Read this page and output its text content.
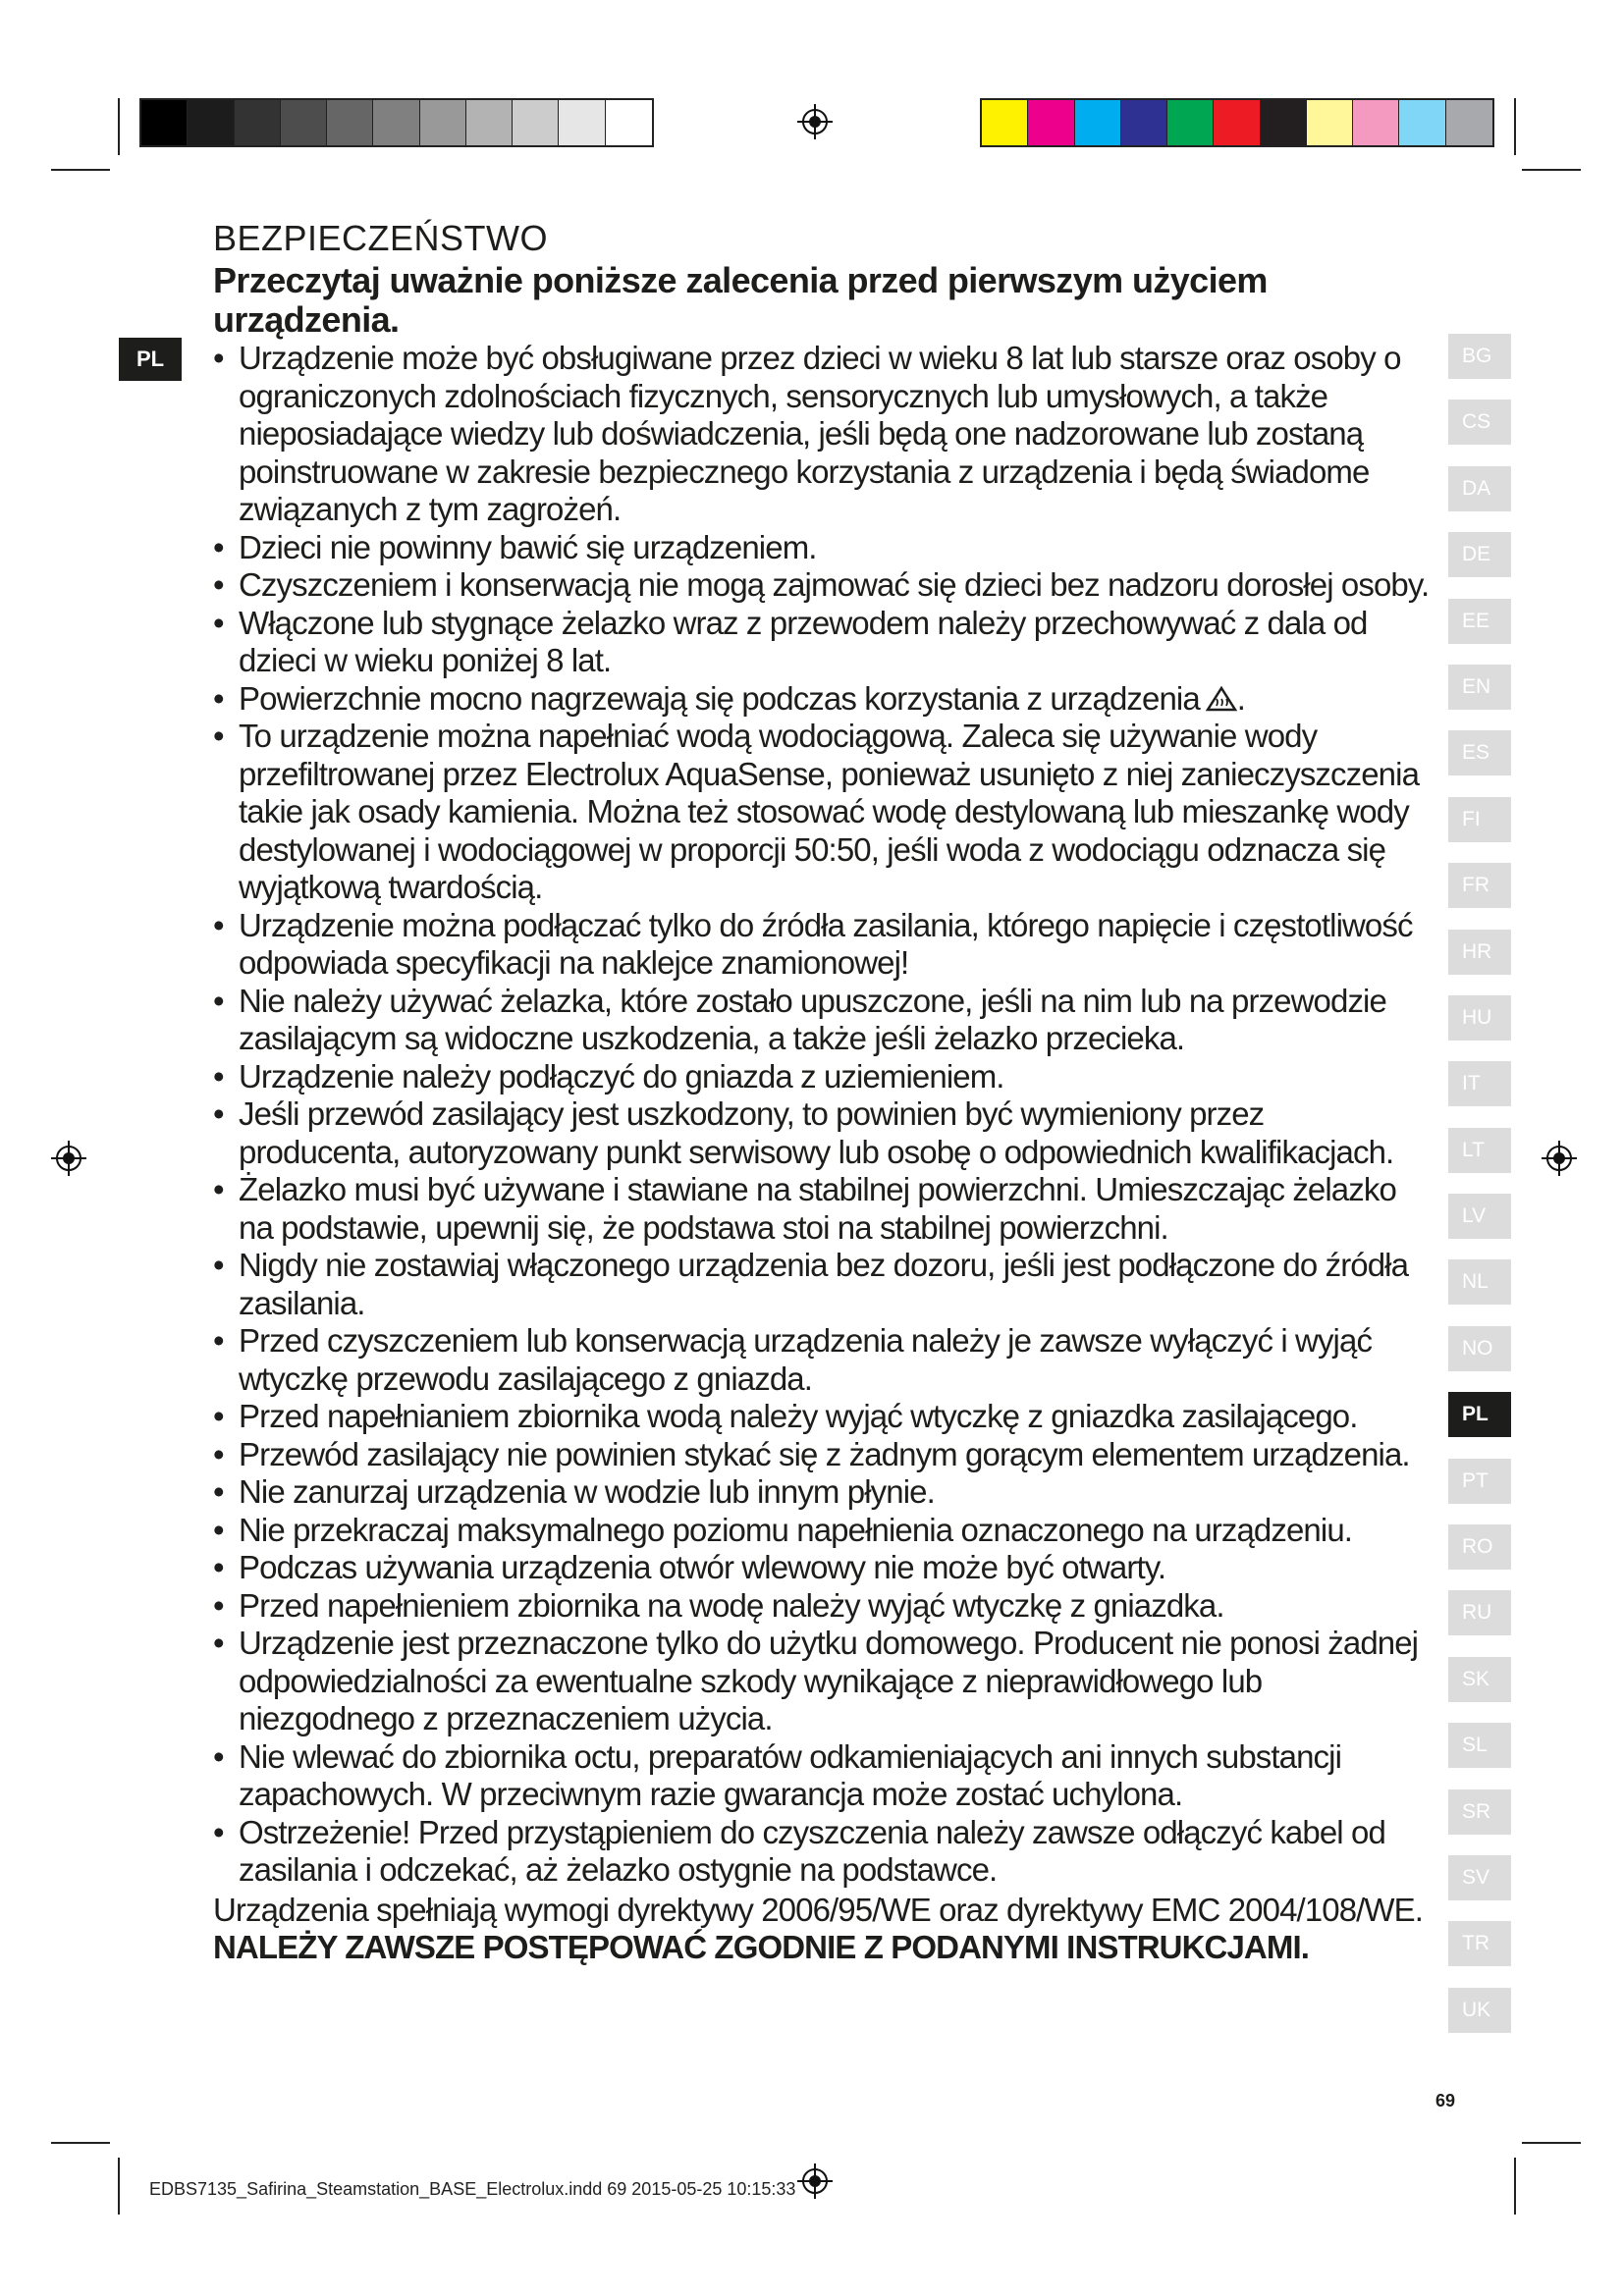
PL
BEZPIECZEŃSTWO

Przeczytaj uważnie poniższe zalecenia przed pierwszym użyciem urządzenia.

• Urządzenie może być obsługiwane przez dzieci w wieku 8 lat lub starsze oraz osoby o ograniczonych zdolnościach fizycznych, sensorycznych lub umysłowych, a także nieposiadające wiedzy lub doświadczenia, jeśli będą one nadzorowane lub zostaną poinstruowane w zakresie bezpiecznego korzystania z urządzenia i będą świadome związanych z tym zagrożeń.
• Dzieci nie powinny bawić się urządzeniem.
• Czyszczeniem i konserwacją nie mogą zajmować się dzieci bez nadzoru dorosłej osoby.
• Włączone lub stygnące żelazko wraz z przewodem należy przechowywać z dala od dzieci w wieku poniżej 8 lat.
• Powierzchnie mocno nagrzewają się podczas korzystania z urządzenia .
• To urządzenie można napełniać wodą wodociągową. Zaleca się używanie wody przefiltrowanej przez Electrolux AquaSense, ponieważ usunięto z niej zanieczyszczenia takie jak osady kamienia. Można też stosować wodę destylowaną lub mieszankę wody destylowanej i wodociągowej w proporcji 50:50, jeśli woda z wodociągu odznacza się wyjątkową twardością.
• Urządzenie można podłączać tylko do źródła zasilania, którego napięcie i częstotliwość odpowiada specyfikacji na naklejce znamionowej!
• Nie należy używać żelazka, które zostało upuszczone, jeśli na nim lub na przewodzie zasilającym są widoczne uszkodzenia, a także jeśli żelazko przecieka.
• Urządzenie należy podłączyć do gniazda z uziemieniem.
• Jeśli przewód zasilający jest uszkodzony, to powinien być wymieniony przez producenta, autoryzowany punkt serwisowy lub osobę o odpowiednich kwalifikacjach.
• Żelazko musi być używane i stawiane na stabilnej powierzchni. Umieszczając żelazko na podstawie, upewnij się, że podstawa stoi na stabilnej powierzchni.
• Nigdy nie zostawiaj włączonego urządzenia bez dozoru, jeśli jest podłączone do źródła zasilania.
• Przed czyszczeniem lub konserwacją urządzenia należy je zawsze wyłączyć i wyjąć wtyczkę przewodu zasilającego z gniazda.
• Przed napełnianiem zbiornika wodą należy wyjąć wtyczkę z gniazdka zasilającego.
• Przewód zasilający nie powinien stykać się z żadnym gorącym elementem urządzenia.
• Nie zanurzaj urządzenia w wodzie lub innym płynie.
• Nie przekraczaj maksymalnego poziomu napełnienia oznaczonego na urządzeniu.
• Podczas używania urządzenia otwór wlewowy nie może być otwarty.
• Przed napełnieniem zbiornika na wodę należy wyjąć wtyczkę z gniazdka.
• Urządzenie jest przeznaczone tylko do użytku domowego. Producent nie ponosi żadnej odpowiedzialności za ewentualne szkody wynikające z nieprawidłowego lub niezgodnego z przeznaczeniem użycia.
• Nie wlewać do zbiornika octu, preparatów odkamieniających ani innych substancji zapachowych. W przeciwnym razie gwarancja może zostać uchylona.
• Ostrzeżenie! Przed przystąpieniem do czyszczenia należy zawsze odłączyć kabel od zasilania i odczekać, aż żelazko ostygnie na podstawce.

Urządzenia spełniają wymogi dyrektywy 2006/95/WE oraz dyrektywy EMC 2004/108/WE. NALEŻY ZAWSZE POSTĘPOWAĆ ZGODNIE Z PODANYMI INSTRUKCJAMI.

BG
CS
DA
DE
EE
EN
ES
FI
FR
HR
HU
IT
LT
LV
NL
NO
PL
PT
RO
RU
SK
SL
SR
SV
TR
UK
69
EDBS7135_Safirina_Steamstation_BASE_Electrolux.indd 69 2015-05-25 10:15:33
